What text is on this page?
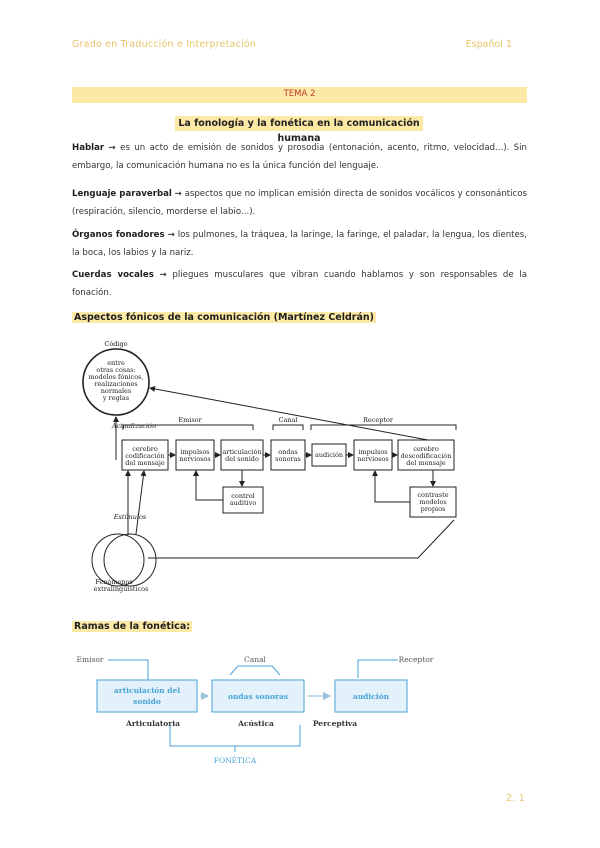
Grado en Traducción e Interpretación	Español 1
TEMA 2
La fonología y la fonética en la comunicación humana
Hablar → es un acto de emisión de sonidos y prosodia (entonación, acento, ritmo, velocidad...). Sin embargo, la comunicación humana no es la única función del lenguaje.
Lenguaje paraverbal → aspectos que no implican emisión directa de sonidos vocálicos y consonánticos (respiración, silencio, morderse el labio...).
Órganos fonadores → los pulmones, la tráquea, la laringe, la faringe, el paladar, la lengua, los dientes, la boca, los labios y la nariz.
Cuerdas vocales → pliegues musculares que vibran cuando hablamos y son responsables de la fonación.
Aspectos fónicos de la comunicación (Martínez Celdrán)
Código
entre
otras cosas:
modelos fónicos,
realizaciones
normales
y reglas
Actualización
Emisor	Canal	Receptor
cerebro
codificación
del mensaje
impulsos
nerviosos
articulación
del sonido
ondas
sonoras audición impulsos
nerviosos
cerebro
descodificación
del mensaje
control
auditivo
contraste
modelos
propios
Estímulos
Fenómenos
extralingüísticos
Ramas de la fonética:
Emisor	Canal	Receptor
articulación del
sonido
ondas sonoras	audición
Articulatoria	Acústica	Perceptiva
FONÉTICA
2. 1
